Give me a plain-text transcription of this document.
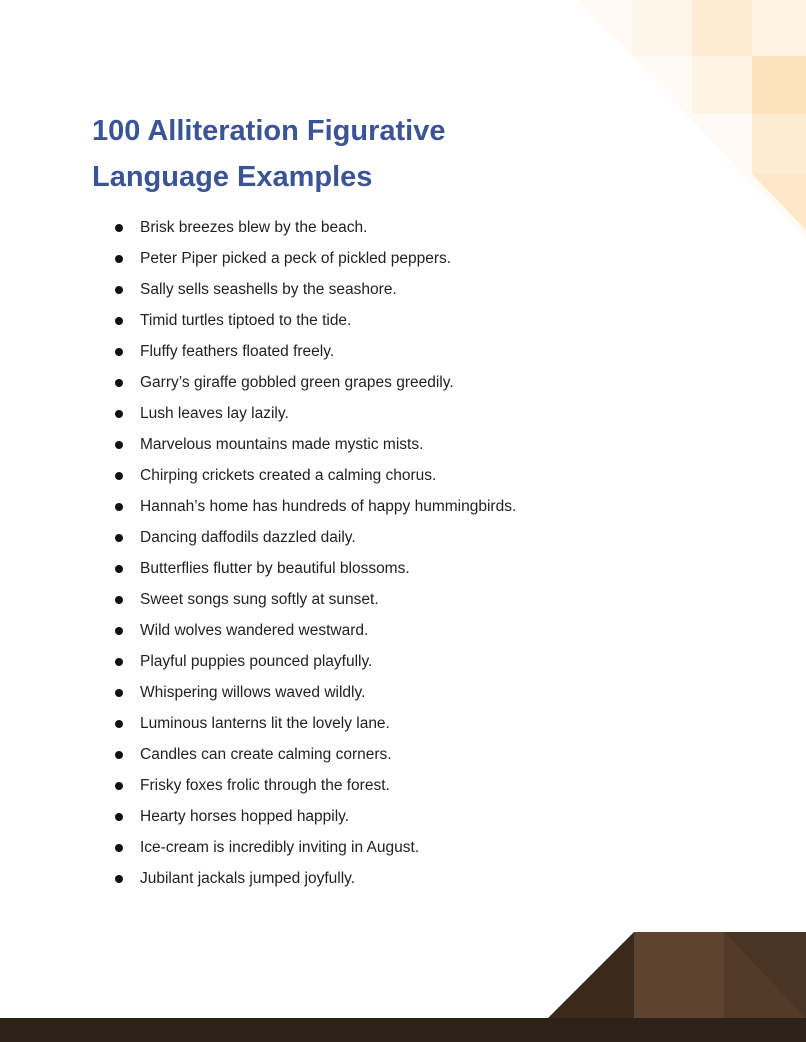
100 Alliteration Figurative Language Examples
Brisk breezes blew by the beach.
Peter Piper picked a peck of pickled peppers.
Sally sells seashells by the seashore.
Timid turtles tiptoed to the tide.
Fluffy feathers floated freely.
Garry’s giraffe gobbled green grapes greedily.
Lush leaves lay lazily.
Marvelous mountains made mystic mists.
Chirping crickets created a calming chorus.
Hannah’s home has hundreds of happy hummingbirds.
Dancing daffodils dazzled daily.
Butterflies flutter by beautiful blossoms.
Sweet songs sung softly at sunset.
Wild wolves wandered westward.
Playful puppies pounced playfully.
Whispering willows waved wildly.
Luminous lanterns lit the lovely lane.
Candles can create calming corners.
Frisky foxes frolic through the forest.
Hearty horses hopped happily.
Ice-cream is incredibly inviting in August.
Jubilant jackals jumped joyfully.
